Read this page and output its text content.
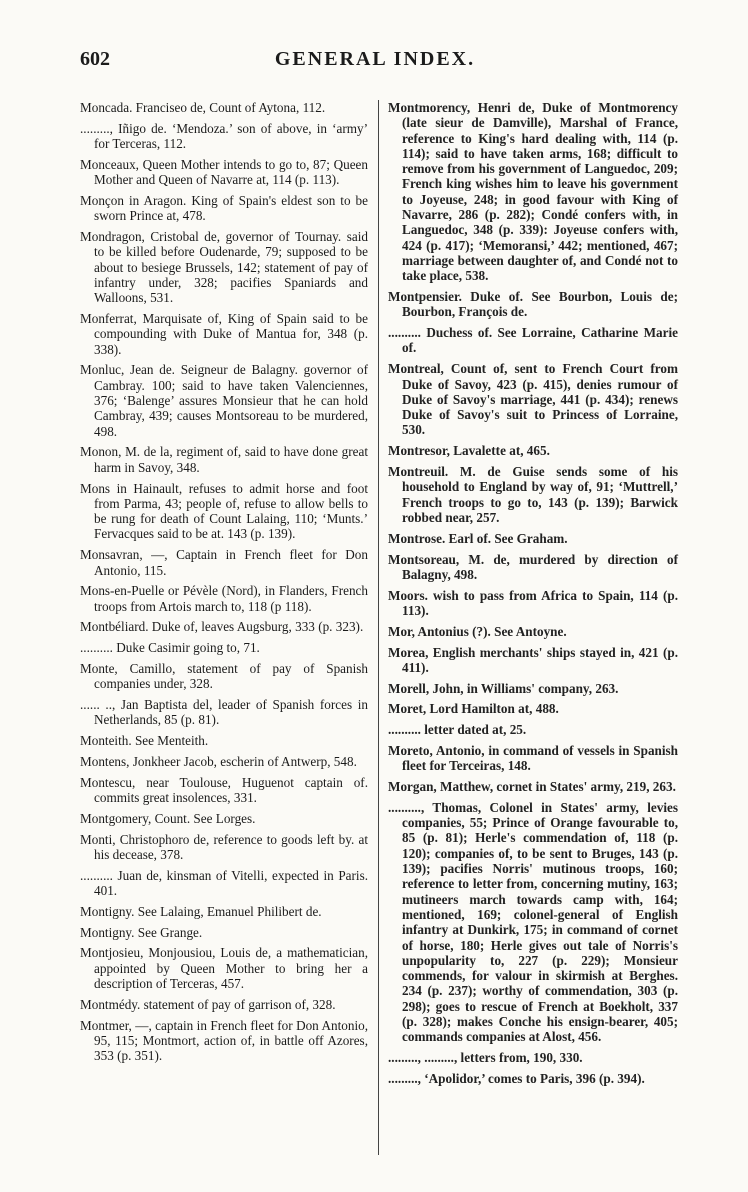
602	GENERAL INDEX.

Moncada. Franciseo de, Count of Aytona, 112.

........., Iñigo de. ‘Mendoza.’ son of above, in ‘army’ for Terceras, 112.

Monceaux, Queen Mother intends to go to, 87; Queen Mother and Queen of Navarre at, 114 (p. 113).

Monçon in Aragon. King of Spain's eldest son to be sworn Prince at, 478.

Mondragon, Cristobal de, governor of Tournay. said to be killed before Oudenarde, 79; supposed to be about to besiege Brussels, 142; statement of pay of infantry under, 328; pacifies Spaniards and Walloons, 531.

Monferrat, Marquisate of, King of Spain said to be compounding with Duke of Mantua for, 348 (p. 338).

Monluc, Jean de. Seigneur de Balagny. governor of Cambray. 100; said to have taken Valenciennes, 376; ‘Balenge’ assures Monsieur that he can hold Cambray, 439; causes Montsoreau to be murdered, 498.

Monon, M. de la, regiment of, said to have done great harm in Savoy, 348.

Mons in Hainault, refuses to admit horse and foot from Parma, 43; people of, refuse to allow bells to be rung for death of Count Lalaing, 110; ‘Munts.’ Fervacques said to be at. 143 (p. 139).

Monsavran, —, Captain in French fleet for Don Antonio, 115.

Mons-en-Puelle or Pévèle (Nord), in Flanders, French troops from Artois march to, 118 (p 118).

Montbéliard. Duke of, leaves Augsburg, 333 (p. 323).

.......... Duke Casimir going to, 71.

Monte, Camillo, statement of pay of Spanish companies under, 328.

...... .., Jan Baptista del, leader of Spanish forces in Netherlands, 85 (p. 81).

Monteith. See Menteith.

Montens, Jonkheer Jacob, escherin of Antwerp, 548.

Montescu, near Toulouse, Huguenot captain of. commits great insolences, 331.

Montgomery, Count. See Lorges.

Monti, Christophoro de, reference to goods left by. at his decease, 378.

.......... Juan de, kinsman of Vitelli, expected in Paris. 401.

Montigny. See Lalaing, Emanuel Philibert de.

Montigny. See Grange.

Montjosieu, Monjousiou, Louis de, a mathematician, appointed by Queen Mother to bring her a description of Terceras, 457.

Montmédy. statement of pay of garrison of, 328.

Montmer, —, captain in French fleet for Don Antonio, 95, 115; Montmort, action of, in battle off Azores, 353 (p. 351).

Montmorency, Henri de, Duke of Montmorency (late sieur de Damville), Marshal of France, reference to King's hard dealing with, 114 (p. 114); said to have taken arms, 168; difficult to remove from his government of Languedoc, 209; French king wishes him to leave his government to Joyeuse, 248; in good favour with King of Navarre, 286 (p. 282); Condé confers with, in Languedoc, 348 (p. 339): Joyeuse confers with, 424 (p. 417); ‘Memoransi,’ 442; mentioned, 467; marriage between daughter of, and Condé not to take place, 538.

Montpensier. Duke of. See Bourbon, Louis de; Bourbon, François de.

.......... Duchess of. See Lorraine, Catharine Marie of.

Montreal, Count of, sent to French Court from Duke of Savoy, 423 (p. 415), denies rumour of Duke of Savoy's marriage, 441 (p. 434); renews Duke of Savoy's suit to Princess of Lorraine, 530.

Montresor, Lavalette at, 465.

Montreuil. M. de Guise sends some of his household to England by way of, 91; ‘Muttrell,’ French troops to go to, 143 (p. 139); Barwick robbed near, 257.

Montrose. Earl of. See Graham.

Montsoreau, M. de, murdered by direction of Balagny, 498.

Moors. wish to pass from Africa to Spain, 114 (p. 113).

Mor, Antonius (?). See Antoyne.

Morea, English merchants' ships stayed in, 421 (p. 411).

Morell, John, in Williams' company, 263.

Moret, Lord Hamilton at, 488.

.......... letter dated at, 25.

Moreto, Antonio, in command of vessels in Spanish fleet for Terceiras, 148.

Morgan, Matthew, cornet in States' army, 219, 263.

.........., Thomas, Colonel in States' army, levies companies, 55; Prince of Orange favourable to, 85 (p. 81); Herle's commendation of, 118 (p. 120); companies of, to be sent to Bruges, 143 (p. 139); pacifies Norris' mutinous troops, 160; reference to letter from, concerning mutiny, 163; mutineers march towards camp with, 164; mentioned, 169; colonel-general of English infantry at Dunkirk, 175; in command of cornet of horse, 180; Herle gives out tale of Norris's unpopularity to, 227 (p. 229); Monsieur commends, for valour in skirmish at Berghes. 234 (p. 237); worthy of commendation, 303 (p. 298); goes to rescue of French at Boekholt, 337 (p. 328); makes Conche his ensign-bearer, 405; commands companies at Alost, 456.

........., ........., letters from, 190, 330.

........., ‘Apolidor,’ comes to Paris, 396 (p. 394).
